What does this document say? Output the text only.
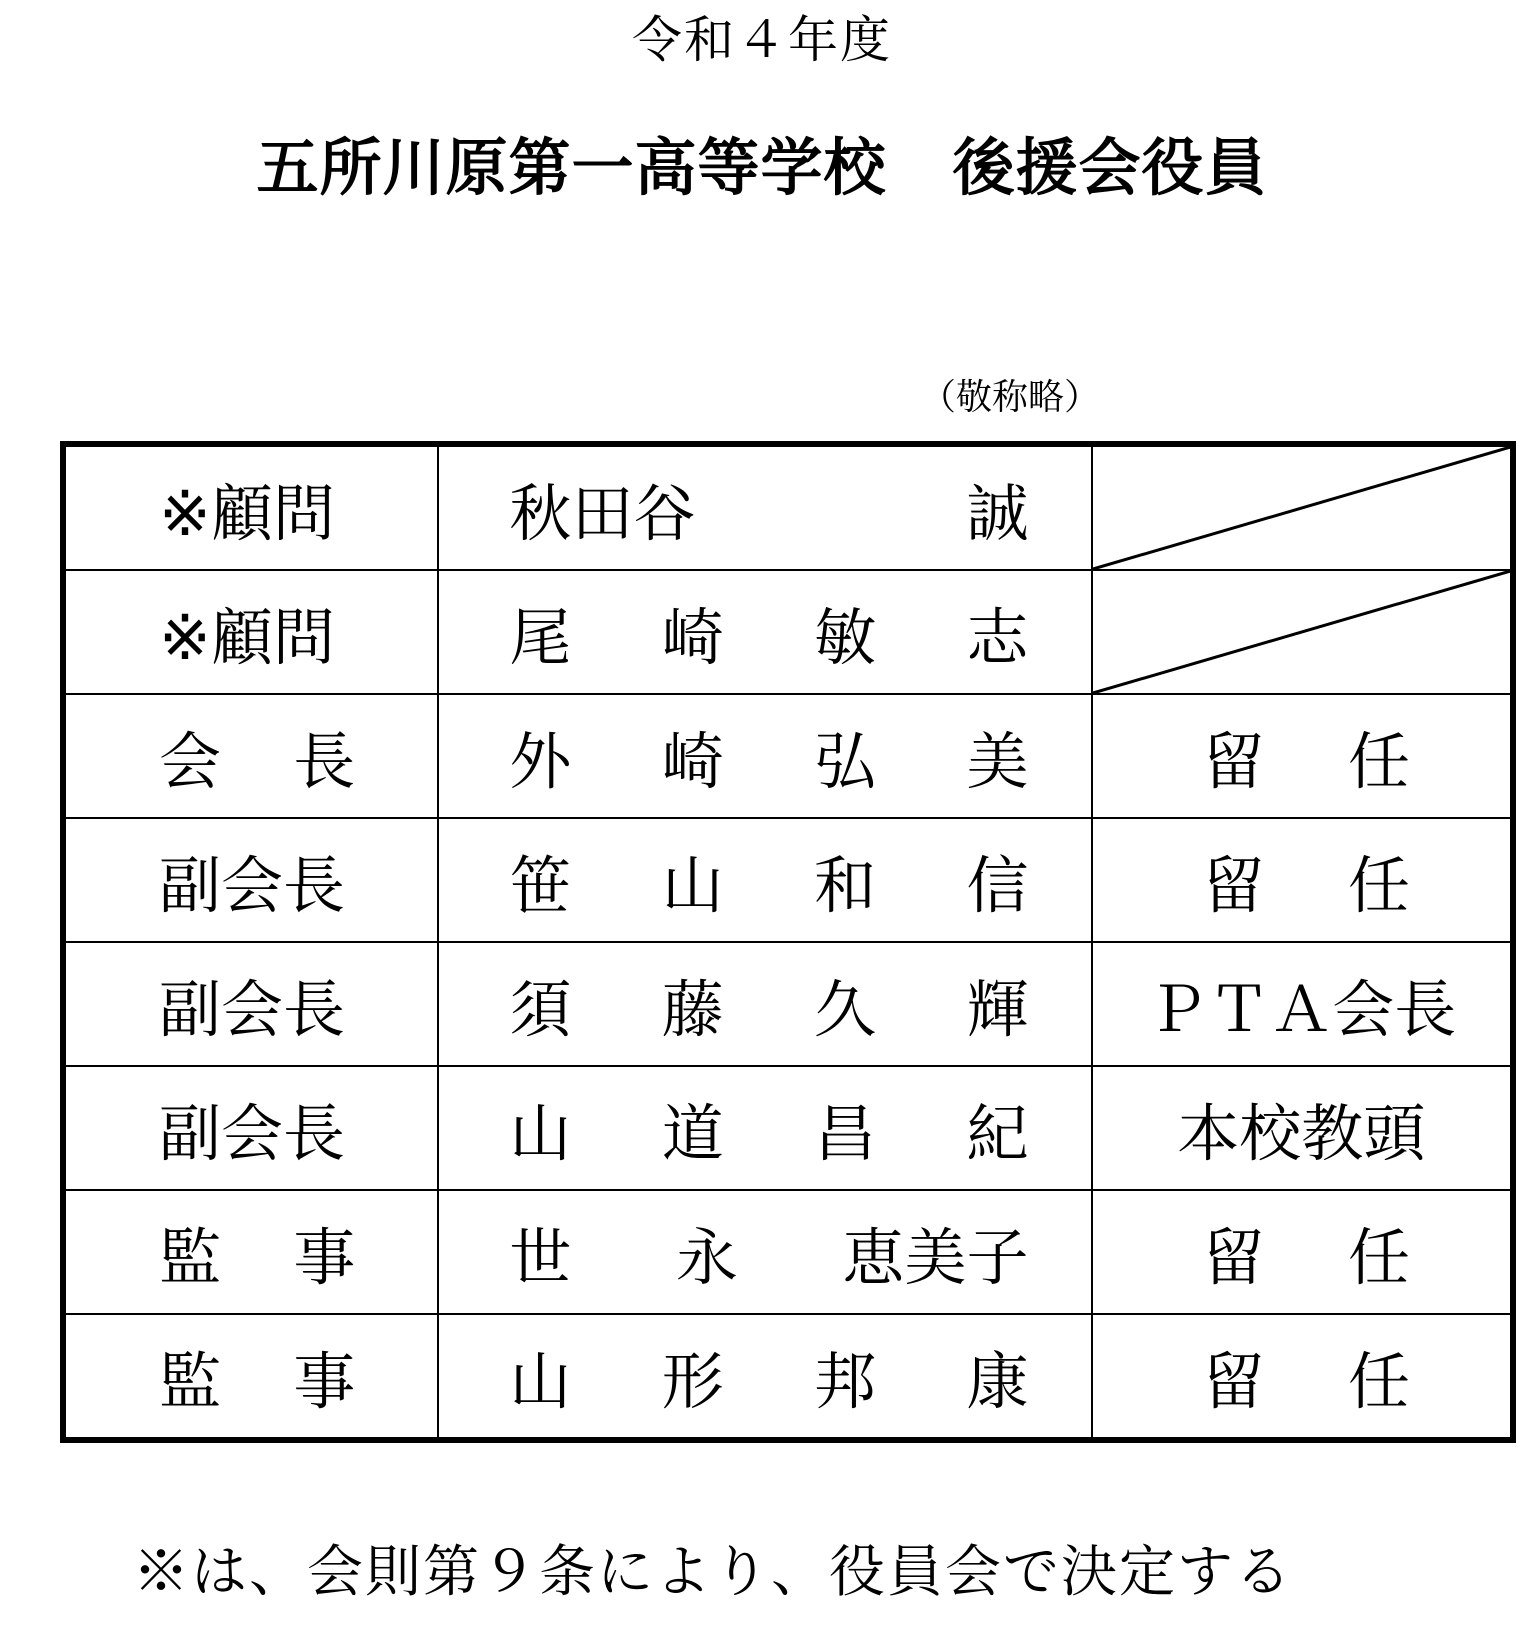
令和４年度
五所川原第一高等学校 後援会役員
（敬称略）
※顧問	秋田谷 誠

※顧問	尾 崎 敏 志

会 長	外 崎 弘 美	留 任

副会長	笹 山 和 信	留 任

副会長	須 藤 久 輝	ＰＴＡ会長

副会長	山 道 昌 紀	本校教頭

監 事	世 永 恵美子	留 任

監 事	山 形 邦 康	留 任
※は、会則第９条により、役員会で決定する
